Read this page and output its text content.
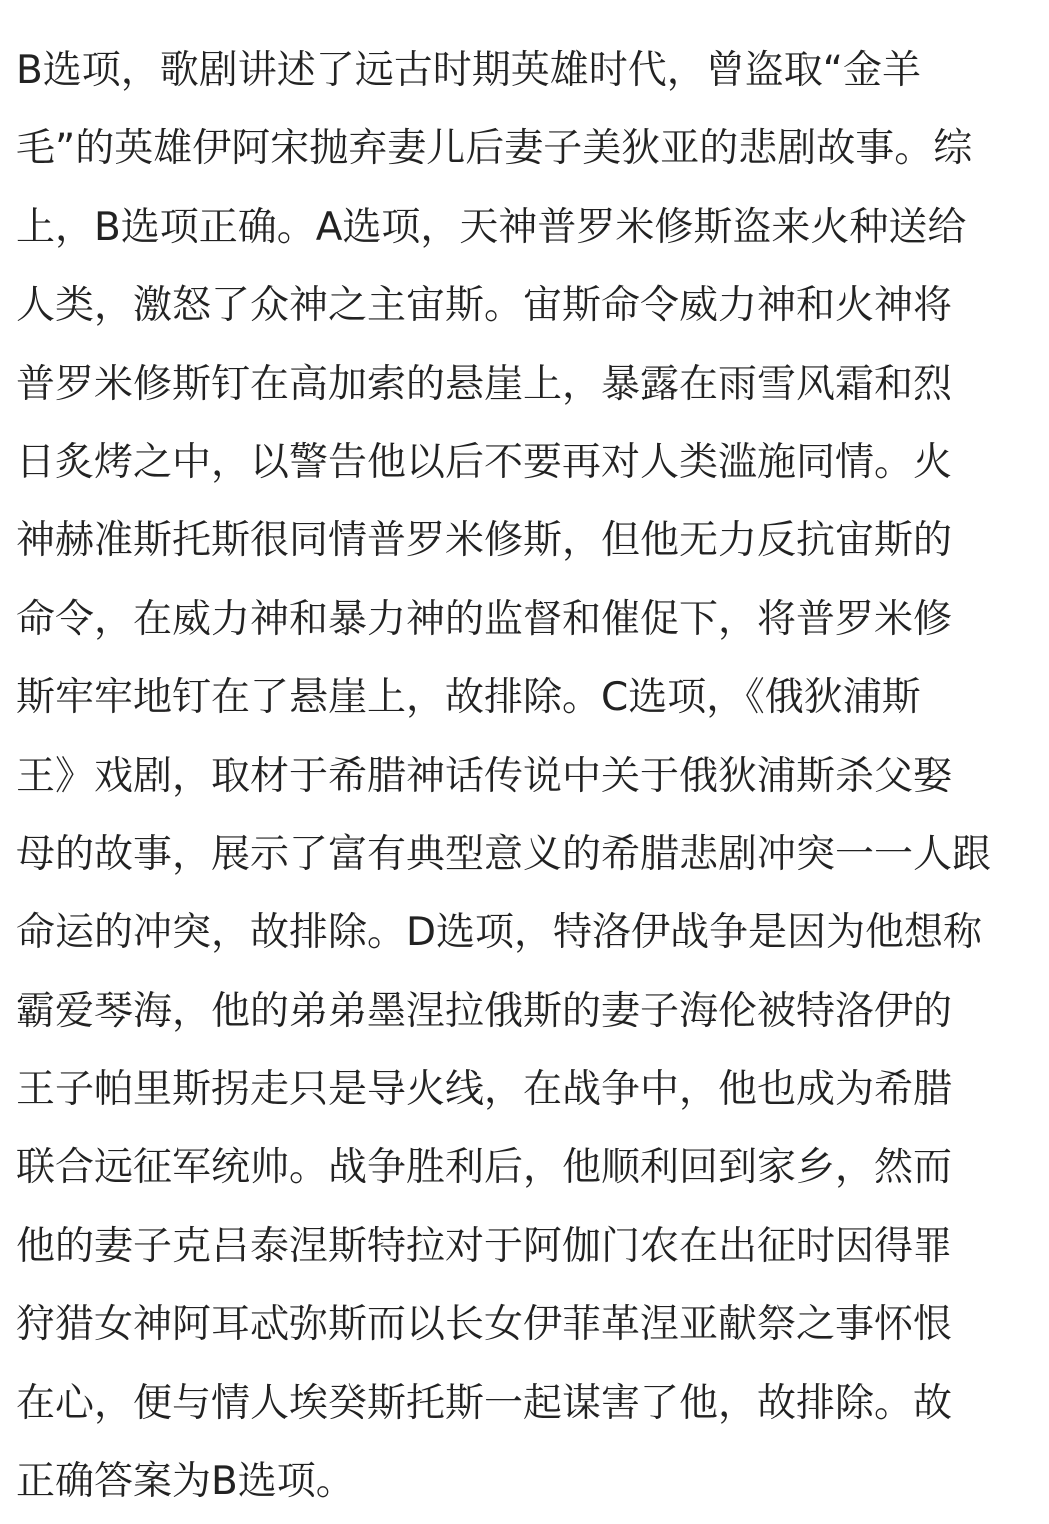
B选项，歌剧讲述了远古时期英雄时代，曾盗取“金羊
毛”的英雄伊阿宋抛弃妻儿后妻子美狄亚的悲剧故事。综
上，B选项正确。A选项，天神普罗米修斯盗来火种送给
人类，激怒了众神之主宙斯。宙斯命令威力神和火神将
普罗米修斯钉在高加索的悬崖上，暴露在雨雪风霜和烈
日炙烤之中，以警告他以后不要再对人类滥施同情。火
神赫准斯托斯很同情普罗米修斯，但他无力反抗宙斯的
命令，在威力神和暴力神的监督和催促下，将普罗米修
斯牢牢地钉在了悬崖上，故排除。C选项，《俄狄浦斯
王》戏剧，取材于希腊神话传说中关于俄狄浦斯杀父娶
母的故事，展示了富有典型意义的希腊悲剧冲突一一人跟
命运的冲突，故排除。D选项，特洛伊战争是因为他想称
霸爱琴海，他的弟弟墨涅拉俄斯的妻子海伦被特洛伊的
王子帕里斯拐走只是导火线，在战争中，他也成为希腊
联合远征军统帅。战争胜利后，他顺利回到家乡，然而
他的妻子克吕泰涅斯特拉对于阿伽门农在出征时因得罪
狩猎女神阿耳忒弥斯而以长女伊菲革涅亚献祭之事怀恨
在心，便与情人埃癸斯托斯一起谋害了他，故排除。故
正确答案为B选项。
